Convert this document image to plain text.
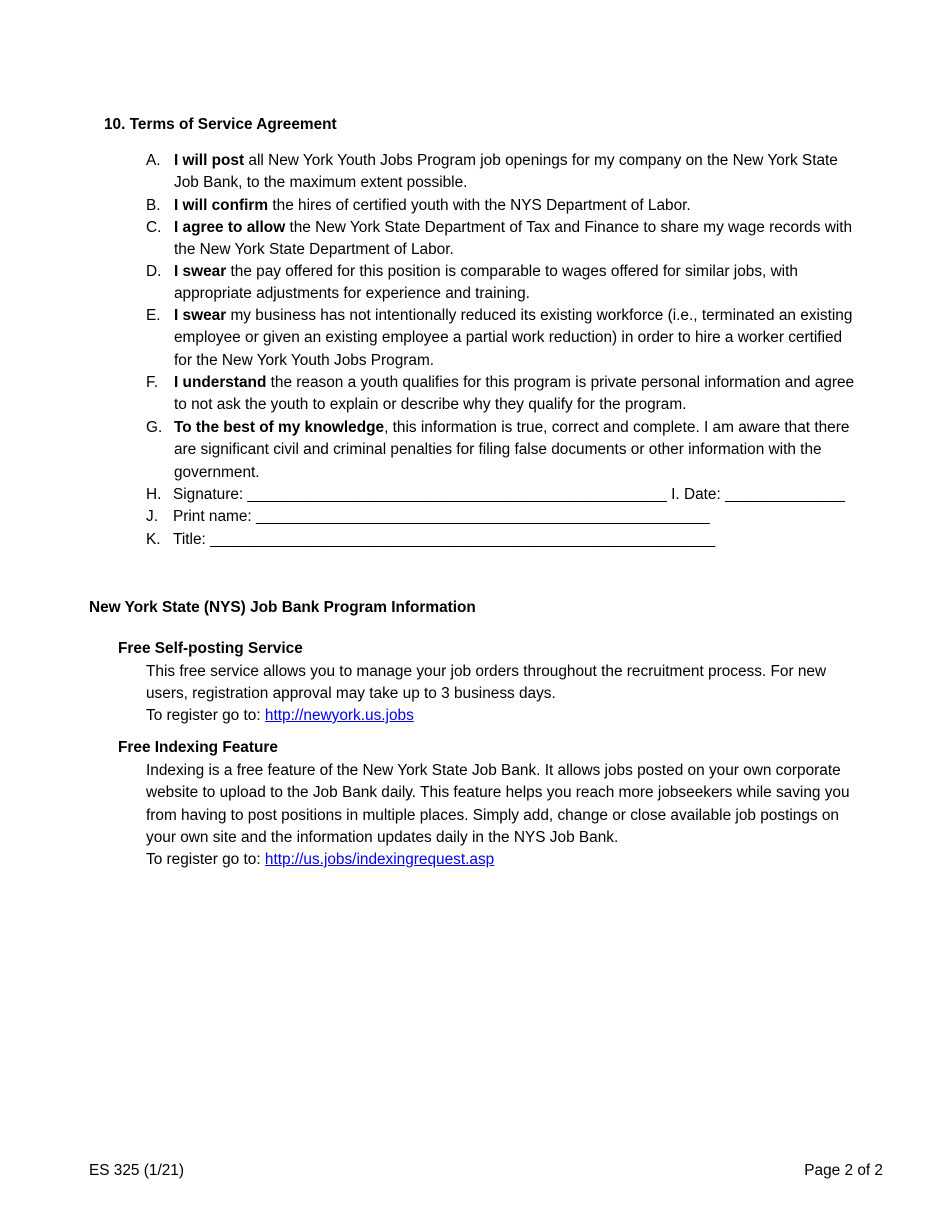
10. Terms of Service Agreement
A. I will post all New York Youth Jobs Program job openings for my company on the New York State Job Bank, to the maximum extent possible.
B. I will confirm the hires of certified youth with the NYS Department of Labor.
C. I agree to allow the New York State Department of Tax and Finance to share my wage records with the New York State Department of Labor.
D. I swear the pay offered for this position is comparable to wages offered for similar jobs, with appropriate adjustments for experience and training.
E. I swear my business has not intentionally reduced its existing workforce (i.e., terminated an existing employee or given an existing employee a partial work reduction) in order to hire a worker certified for the New York Youth Jobs Program.
F.	I understand the reason a youth qualifies for this program is private personal information and agree to not ask the youth to explain or describe why they qualify for the program.
G. To the best of my knowledge, this information is true, correct and complete. I am aware that there are significant civil and criminal penalties for filing false documents or other information with the government.
H. Signature: _________________________________________________ I. Date: ______________
J. Print name: _____________________________________________________
K. Title: ___________________________________________________________
New York State (NYS) Job Bank Program Information
Free Self-posting Service
This free service allows you to manage your job orders throughout the recruitment process. For new users, registration approval may take up to 3 business days.
To register go to: http://newyork.us.jobs
Free Indexing Feature
Indexing is a free feature of the New York State Job Bank. It allows jobs posted on your own corporate website to upload to the Job Bank daily. This feature helps you reach more jobseekers while saving you from having to post positions in multiple places. Simply add, change or close available job postings on your own site and the information updates daily in the NYS Job Bank.
To register go to: http://us.jobs/indexingrequest.asp
ES 325 (1/21)	Page 2 of 2
